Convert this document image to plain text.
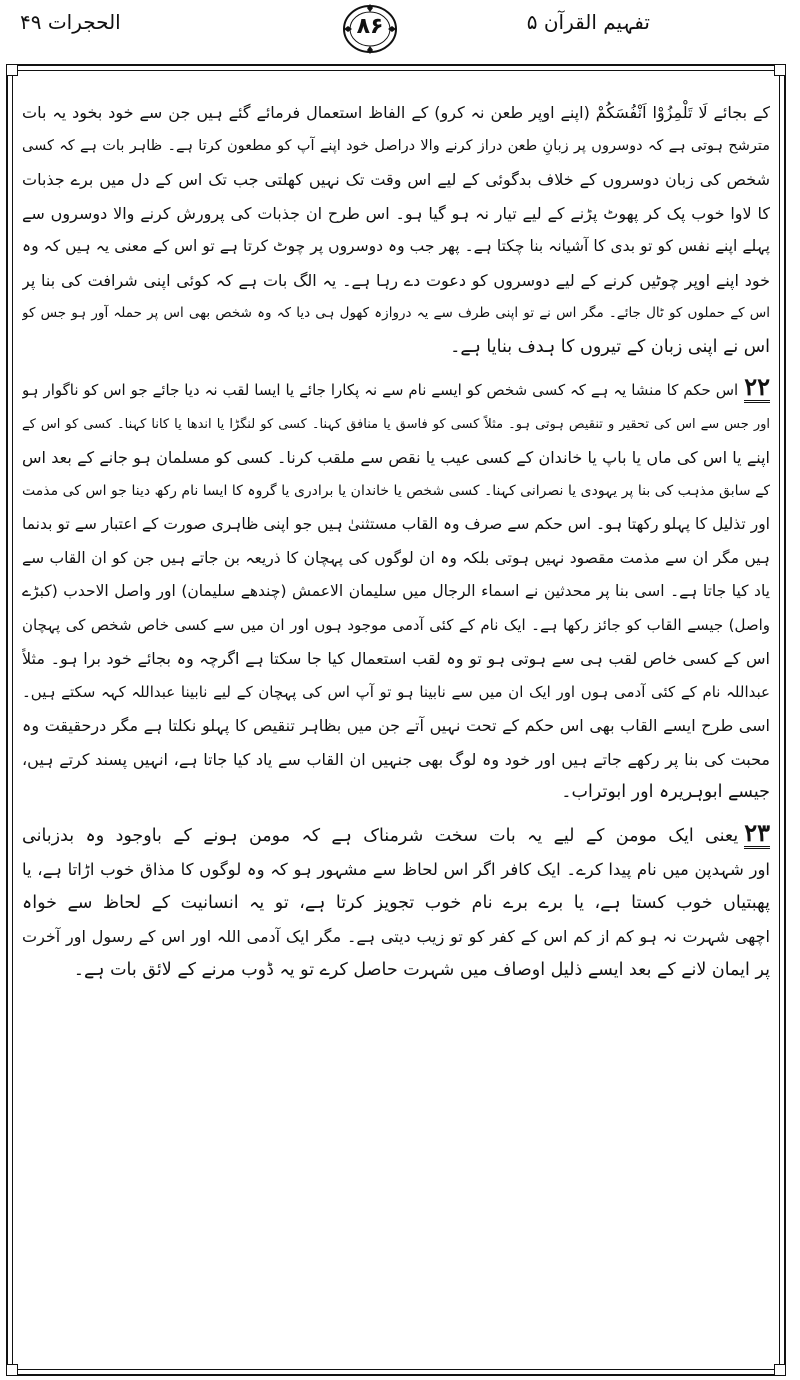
تفہیم القرآن ۵
۸۶
الحجرات ۴۹
کے بجائے لَا تَلْمِزُوْا اَنْفُسَكُمْ (اپنے اوپر طعن نہ کرو) کے الفاظ استعمال فرمائے گئے ہیں جن سے خود بخود یہ بات
مترشح ہوتی ہے کہ دوسروں پر زبانِ طعن دراز کرنے والا دراصل خود اپنے آپ کو مطعون کرتا ہے۔ ظاہر بات ہے کہ کسی
شخص کی زبان دوسروں کے خلاف بدگوئی کے لیے اس وقت تک نہیں کھلتی جب تک اس کے دل میں برے جذبات
کا لاوا خوب پک کر پھوٹ پڑنے کے لیے تیار نہ ہو گیا ہو۔ اس طرح ان جذبات کی پرورش کرنے والا دوسروں سے
پہلے اپنے نفس کو تو بدی کا آشیانہ بنا چکتا ہے۔ پھر جب وہ دوسروں پر چوٹ کرتا ہے تو اس کے معنی یہ ہیں کہ وہ
خود اپنے اوپر چوٹیں کرنے کے لیے دوسروں کو دعوت دے رہا ہے۔ یہ الگ بات ہے کہ کوئی اپنی شرافت کی بنا پر
اس کے حملوں کو ٹال جائے۔ مگر اس نے تو اپنی طرف سے یہ دروازہ کھول ہی دیا کہ وہ شخص بھی اس پر حملہ آور ہو جس کو
اس نے اپنی زبان کے تیروں کا ہدف بنایا ہے۔
۲۲اس حکم کا منشا یہ ہے کہ کسی شخص کو ایسے نام سے نہ پکارا جائے یا ایسا لقب نہ دیا جائے جو اس کو ناگوار ہو
اور جس سے اس کی تحقیر و تنقیص ہوتی ہو۔ مثلاً کسی کو فاسق یا منافق کہنا۔ کسی کو لنگڑا یا اندھا یا کانا کہنا۔ کسی کو اس کے
اپنے یا اس کی ماں یا باپ یا خاندان کے کسی عیب یا نقص سے ملقب کرنا۔ کسی کو مسلمان ہو جانے کے بعد اس
کے سابق مذہب کی بنا پر یہودی یا نصرانی کہنا۔ کسی شخص یا خاندان یا برادری یا گروہ کا ایسا نام رکھ دینا جو اس کی مذمت
اور تذلیل کا پہلو رکھتا ہو۔ اس حکم سے صرف وہ القاب مستثنیٰ ہیں جو اپنی ظاہری صورت کے اعتبار سے تو بدنما
ہیں مگر ان سے مذمت مقصود نہیں ہوتی بلکہ وہ ان لوگوں کی پہچان کا ذریعہ بن جاتے ہیں جن کو ان القاب سے
یاد کیا جاتا ہے۔ اسی بنا پر محدثین نے اسماء الرجال میں سلیمان الاعمش (چندھے سلیمان) اور واصل الاحدب (کبڑے
واصل) جیسے القاب کو جائز رکھا ہے۔ ایک نام کے کئی آدمی موجود ہوں اور ان میں سے کسی خاص شخص کی پہچان
اس کے کسی خاص لقب ہی سے ہوتی ہو تو وہ لقب استعمال کیا جا سکتا ہے اگرچہ وہ بجائے خود برا ہو۔ مثلاً
عبداللہ نام کے کئی آدمی ہوں اور ایک ان میں سے نابینا ہو تو آپ اس کی پہچان کے لیے نابینا عبداللہ کہہ سکتے ہیں۔
اسی طرح ایسے القاب بھی اس حکم کے تحت نہیں آتے جن میں بظاہر تنقیص کا پہلو نکلتا ہے مگر درحقیقت وہ
محبت کی بنا پر رکھے جاتے ہیں اور خود وہ لوگ بھی جنہیں ان القاب سے یاد کیا جاتا ہے، انہیں پسند کرتے ہیں،
جیسے ابوہریرہ اور ابوتراب۔
۲۳یعنی ایک مومن کے لیے یہ بات سخت شرمناک ہے کہ مومن ہونے کے باوجود وہ بدزبانی
اور شہدپن میں نام پیدا کرے۔ ایک کافر اگر اس لحاظ سے مشہور ہو کہ وہ لوگوں کا مذاق خوب اڑاتا ہے، یا
پھبتیاں خوب کستا ہے، یا برے برے نام خوب تجویز کرتا ہے، تو یہ انسانیت کے لحاظ سے خواہ
اچھی شہرت نہ ہو کم از کم اس کے کفر کو تو زیب دیتی ہے۔ مگر ایک آدمی اللہ اور اس کے رسول اور آخرت
پر ایمان لانے کے بعد ایسے ذلیل اوصاف میں شہرت حاصل کرے تو یہ ڈوب مرنے کے لائق بات ہے۔
